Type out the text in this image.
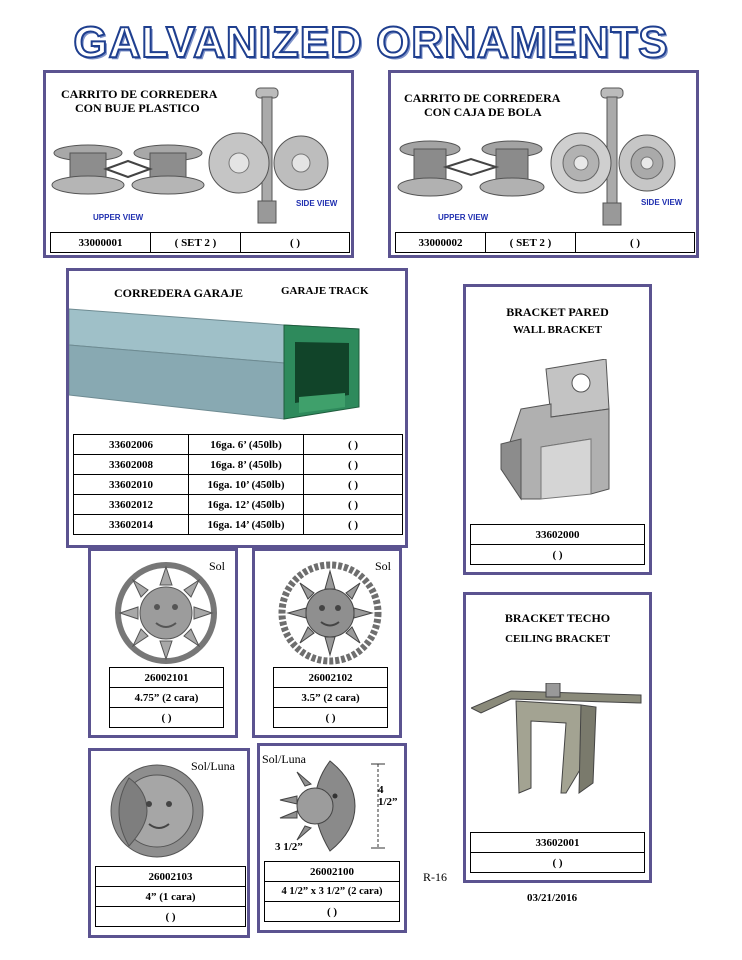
GALVANIZED ORNAMENTS
CARRITO DE CORREDERA
CON BUJE PLASTICO
UPPER VIEW
SIDE VIEW
33000001	( SET 2 )	( )
CARRITO DE CORREDERA
CON CAJA DE BOLA
UPPER VIEW
SIDE VIEW
33000002	( SET 2 )	( )
CORREDERA GARAJE	GARAJE TRACK
33602006	16ga. 6’ (450lb)	( )
33602008	16ga. 8’ (450lb)	( )
33602010	16ga. 10’ (450lb)	( )
33602012	16ga. 12’ (450lb)	( )
33602014	16ga. 14’ (450lb)	( )
BRACKET PARED
WALL BRACKET
33602000
( )
BRACKET TECHO
CEILING BRACKET
33602001
( )
Sol
26002101
4.75” (2 cara)
( )
Sol
26002102
3.5” (2 cara)
( )
Sol/Luna
26002103
4” (1 cara)
( )
Sol/Luna
4 1/2”
3 1/2”
26002100
4 1/2” x 3 1/2” (2 cara)
( )
R-16
03/21/2016
